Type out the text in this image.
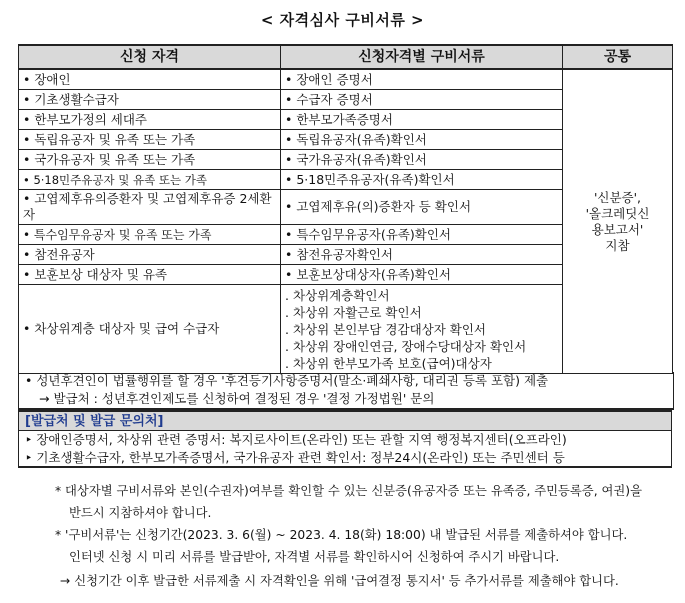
< 자격심사 구비서류 >
신청 자격	신청자격별 구비서류	공통
• 장애인	• 장애인 증명서	'신분증',
'올크레딧신
용보고서'
지참

• 기초생활수급자	• 수급자 증명서	
• 한부모가정의 세대주	• 한부모가족증명서	
• 독립유공자 및 유족 또는 가족	• 독립유공자(유족)확인서	
• 국가유공자 및 유족 또는 가족	• 국가유공자(유족)확인서	
• 5·18민주유공자 및 유족 또는 가족	• 5·18민주유공자(유족)확인서	
• 고엽제후유의증환자 및 고엽제후유증 2세환자	• 고엽제후유(의)증환자 등 확인서	
• 특수임무유공자 및 유족 또는 가족	• 특수임무유공자(유족)확인서	
• 참전유공자	• 참전유공자확인서	
• 보훈보상 대상자 및 유족	• 보훈보상대상자(유족)확인서	
• 차상위계층 대상자 및 급여 수급자	. 차상위계층확인서
. 차상위 자활근로 확인서
. 차상위 본인부담 경감대상자 확인서
. 차상위 장애인연금, 장애수당대상자 확인서
. 차상위 한부모가족 보호(급여)대상자	
• 성년후견인이 법률행위를 할 경우 '후견등기사항증명서(말소·폐쇄사항, 대리권 등록 포함) 제출
→ 발급처 : 성년후견인제도를 신청하여 결정된 경우 '결정 가정법원' 문의
[발급처 및 발급 문의처]
‣ 장애인증명서, 차상위 관련 증명서: 복지로사이트(온라인) 또는 관할 지역 행정복지센터(오프라인)
‣ 기초생활수급자, 한부모가족증명서, 국가유공자 관련 확인서: 정부24시(온라인) 또는 주민센터 등
* 대상자별 구비서류와 본인(수권자)여부를 확인할 수 있는 신분증(유공자증 또는 유족증, 주민등록증, 여권)을
반드시 지참하셔야 합니다.
* '구비서류'는 신청기간(2023. 3. 6(월) ~ 2023. 4. 18(화) 18:00) 내 발급된 서류를 제출하셔야 합니다.
인터넷 신청 시 미리 서류를 발급받아, 자격별 서류를 확인하시어 신청하여 주시기 바랍니다.
→ 신청기간 이후 발급한 서류제출 시 자격확인을 위해 '급여결정 통지서' 등 추가서류를 제출해야 합니다.
